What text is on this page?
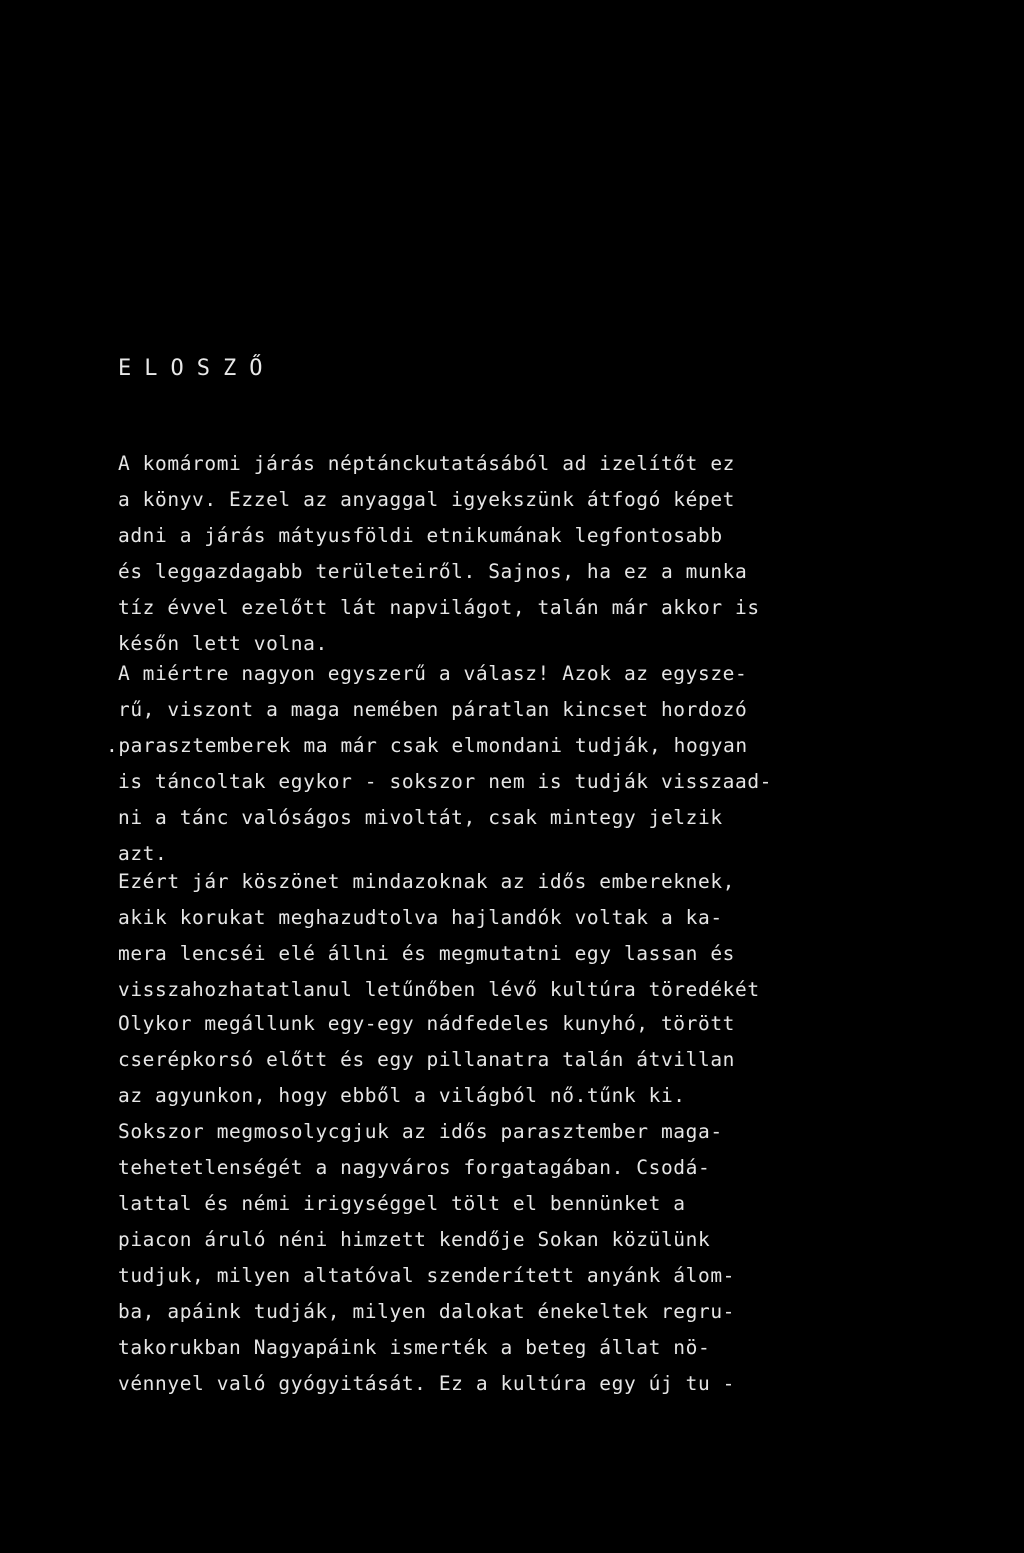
ELOSZŐ
A komáromi járás néptánckutatásából ad izelítőt ez
a könyv. Ezzel az anyaggal igyekszünk átfogó képet
adni a járás mátyusföldi etnikumának legfontosabb
és leggazdagabb területeiről. Sajnos, ha ez a munka
tíz évvel ezelőtt lát napvilágot, talán már akkor is
későn lett volna.
A miértre nagyon egyszerű a válasz! Azok az egysze-
rű, viszont a maga nemében páratlan kincset hordozó
.parasztemberek ma már csak elmondani tudják, hogyan
is táncoltak egykor - sokszor nem is tudják visszaad-
ni a tánc valóságos mivoltát, csak mintegy jelzik
azt.
Ezért jár köszönet mindazoknak az idős embereknek,
akik korukat meghazudtolva hajlandók voltak a ka-
mera lencséi elé állni és megmutatni egy lassan és
visszahozhatatlanul letűnőben lévő kultúra töredékét
Olykor megállunk egy-egy nádfedeles kunyhó, törött
cserépkorsó előtt és egy pillanatra talán átvillan
az agyunkon, hogy ebből a világból nő.tűnk ki.
Sokszor megmosolycgjuk az idős parasztember maga-
tehetetlenségét a nagyváros forgatagában. Csodá-
lattal és némi irigységgel tölt el bennünket a
piacon áruló néni himzett kendője Sokan közülünk
tudjuk, milyen altatóval szenderített anyánk álom-
ba, apáink tudják, milyen dalokat énekeltek regru-
takorukban Nagyapáink ismerték a beteg állat nö-
vénnyel való gyógyitását. Ez a kultúra egy új tu -
